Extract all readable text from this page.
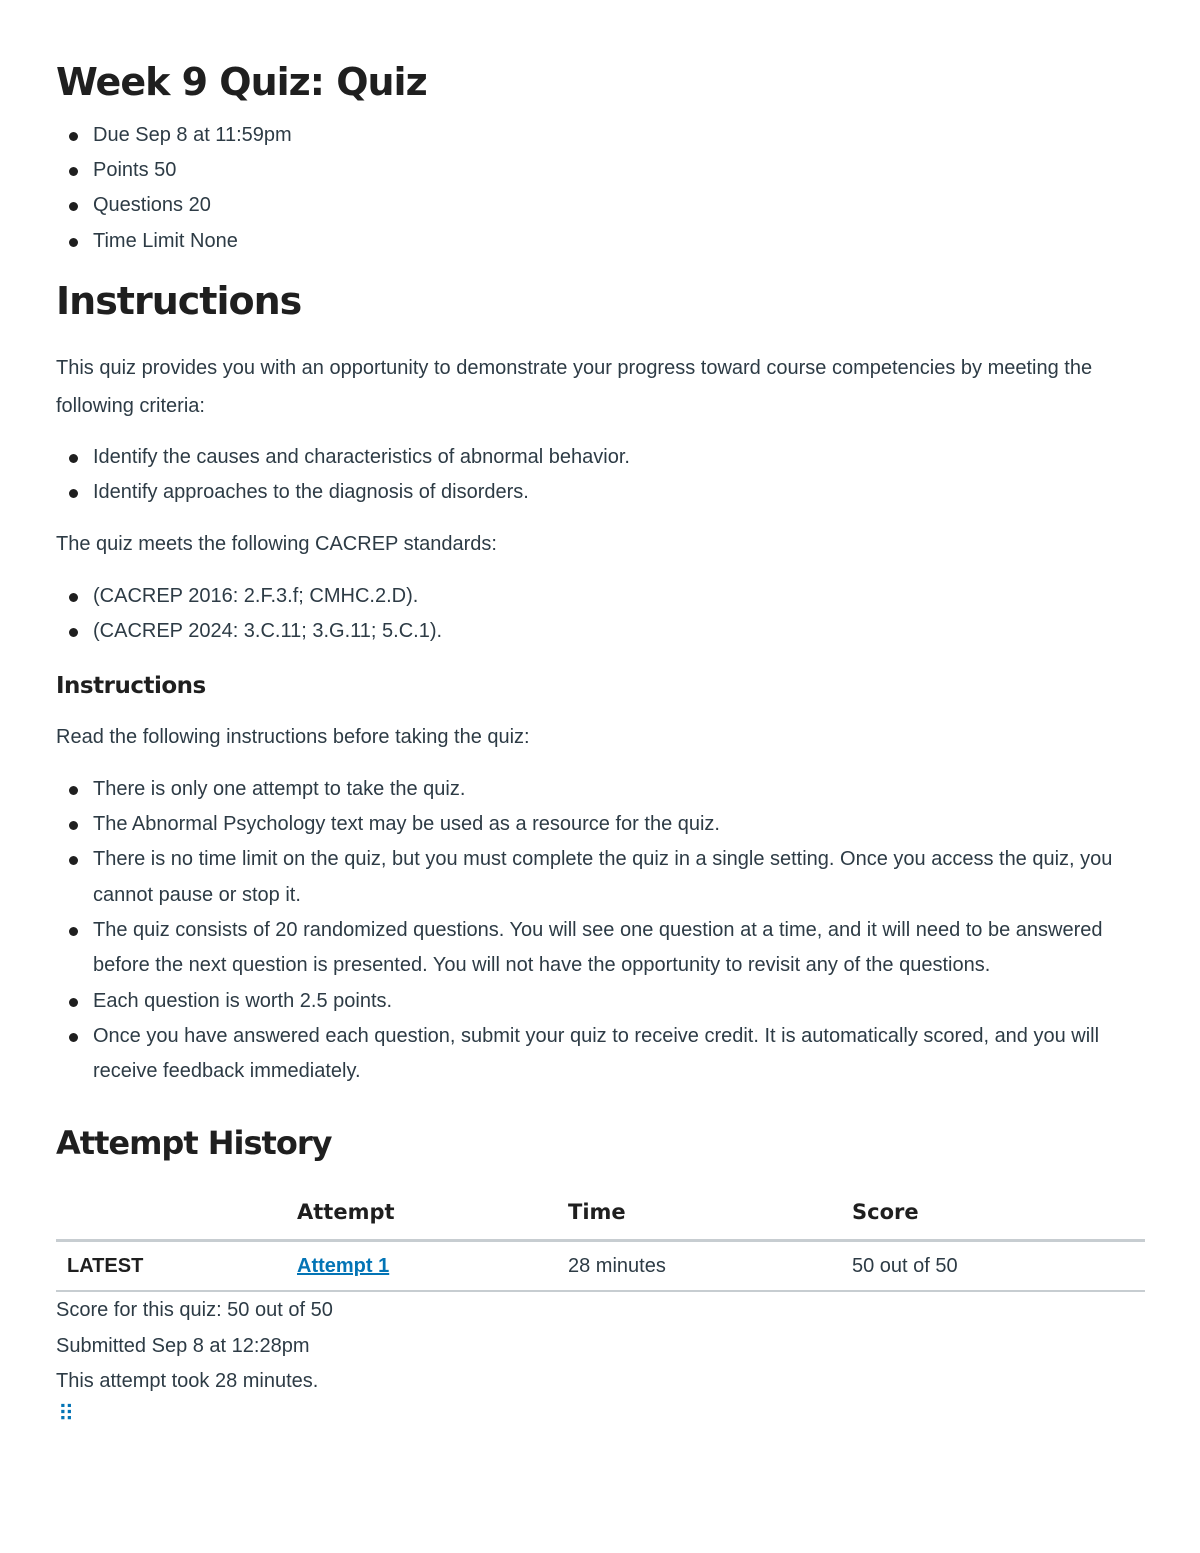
Week 9 Quiz: Quiz
Due Sep 8 at 11:59pm
Points 50
Questions 20
Time Limit None
Instructions

This quiz provides you with an opportunity to demonstrate your progress toward course competencies by meeting the following criteria:

Identify the causes and characteristics of abnormal behavior.
Identify approaches to the diagnosis of disorders.

The quiz meets the following CACREP standards:

(CACREP 2016: 2.F.3.f; CMHC.2.D).
(CACREP 2024: 3.C.11; 3.G.11; 5.C.1).
Instructions

Read the following instructions before taking the quiz:

There is only one attempt to take the quiz.
The Abnormal Psychology text may be used as a resource for the quiz.
There is no time limit on the quiz, but you must complete the quiz in a single setting. Once you access the quiz, you cannot pause or stop it.
The quiz consists of 20 randomized questions. You will see one question at a time, and it will need to be answered before the next question is presented. You will not have the opportunity to revisit any of the questions.
Each question is worth 2.5 points.
Once you have answered each question, submit your quiz to receive credit. It is automatically scored, and you will receive feedback immediately.
Attempt History
	Attempt	Time	Score
LATEST	Attempt 1	28 minutes	50 out of 50

Score for this quiz: 50 out of 50

Submitted Sep 8 at 12:28pm

This attempt took 28 minutes.

⠿
